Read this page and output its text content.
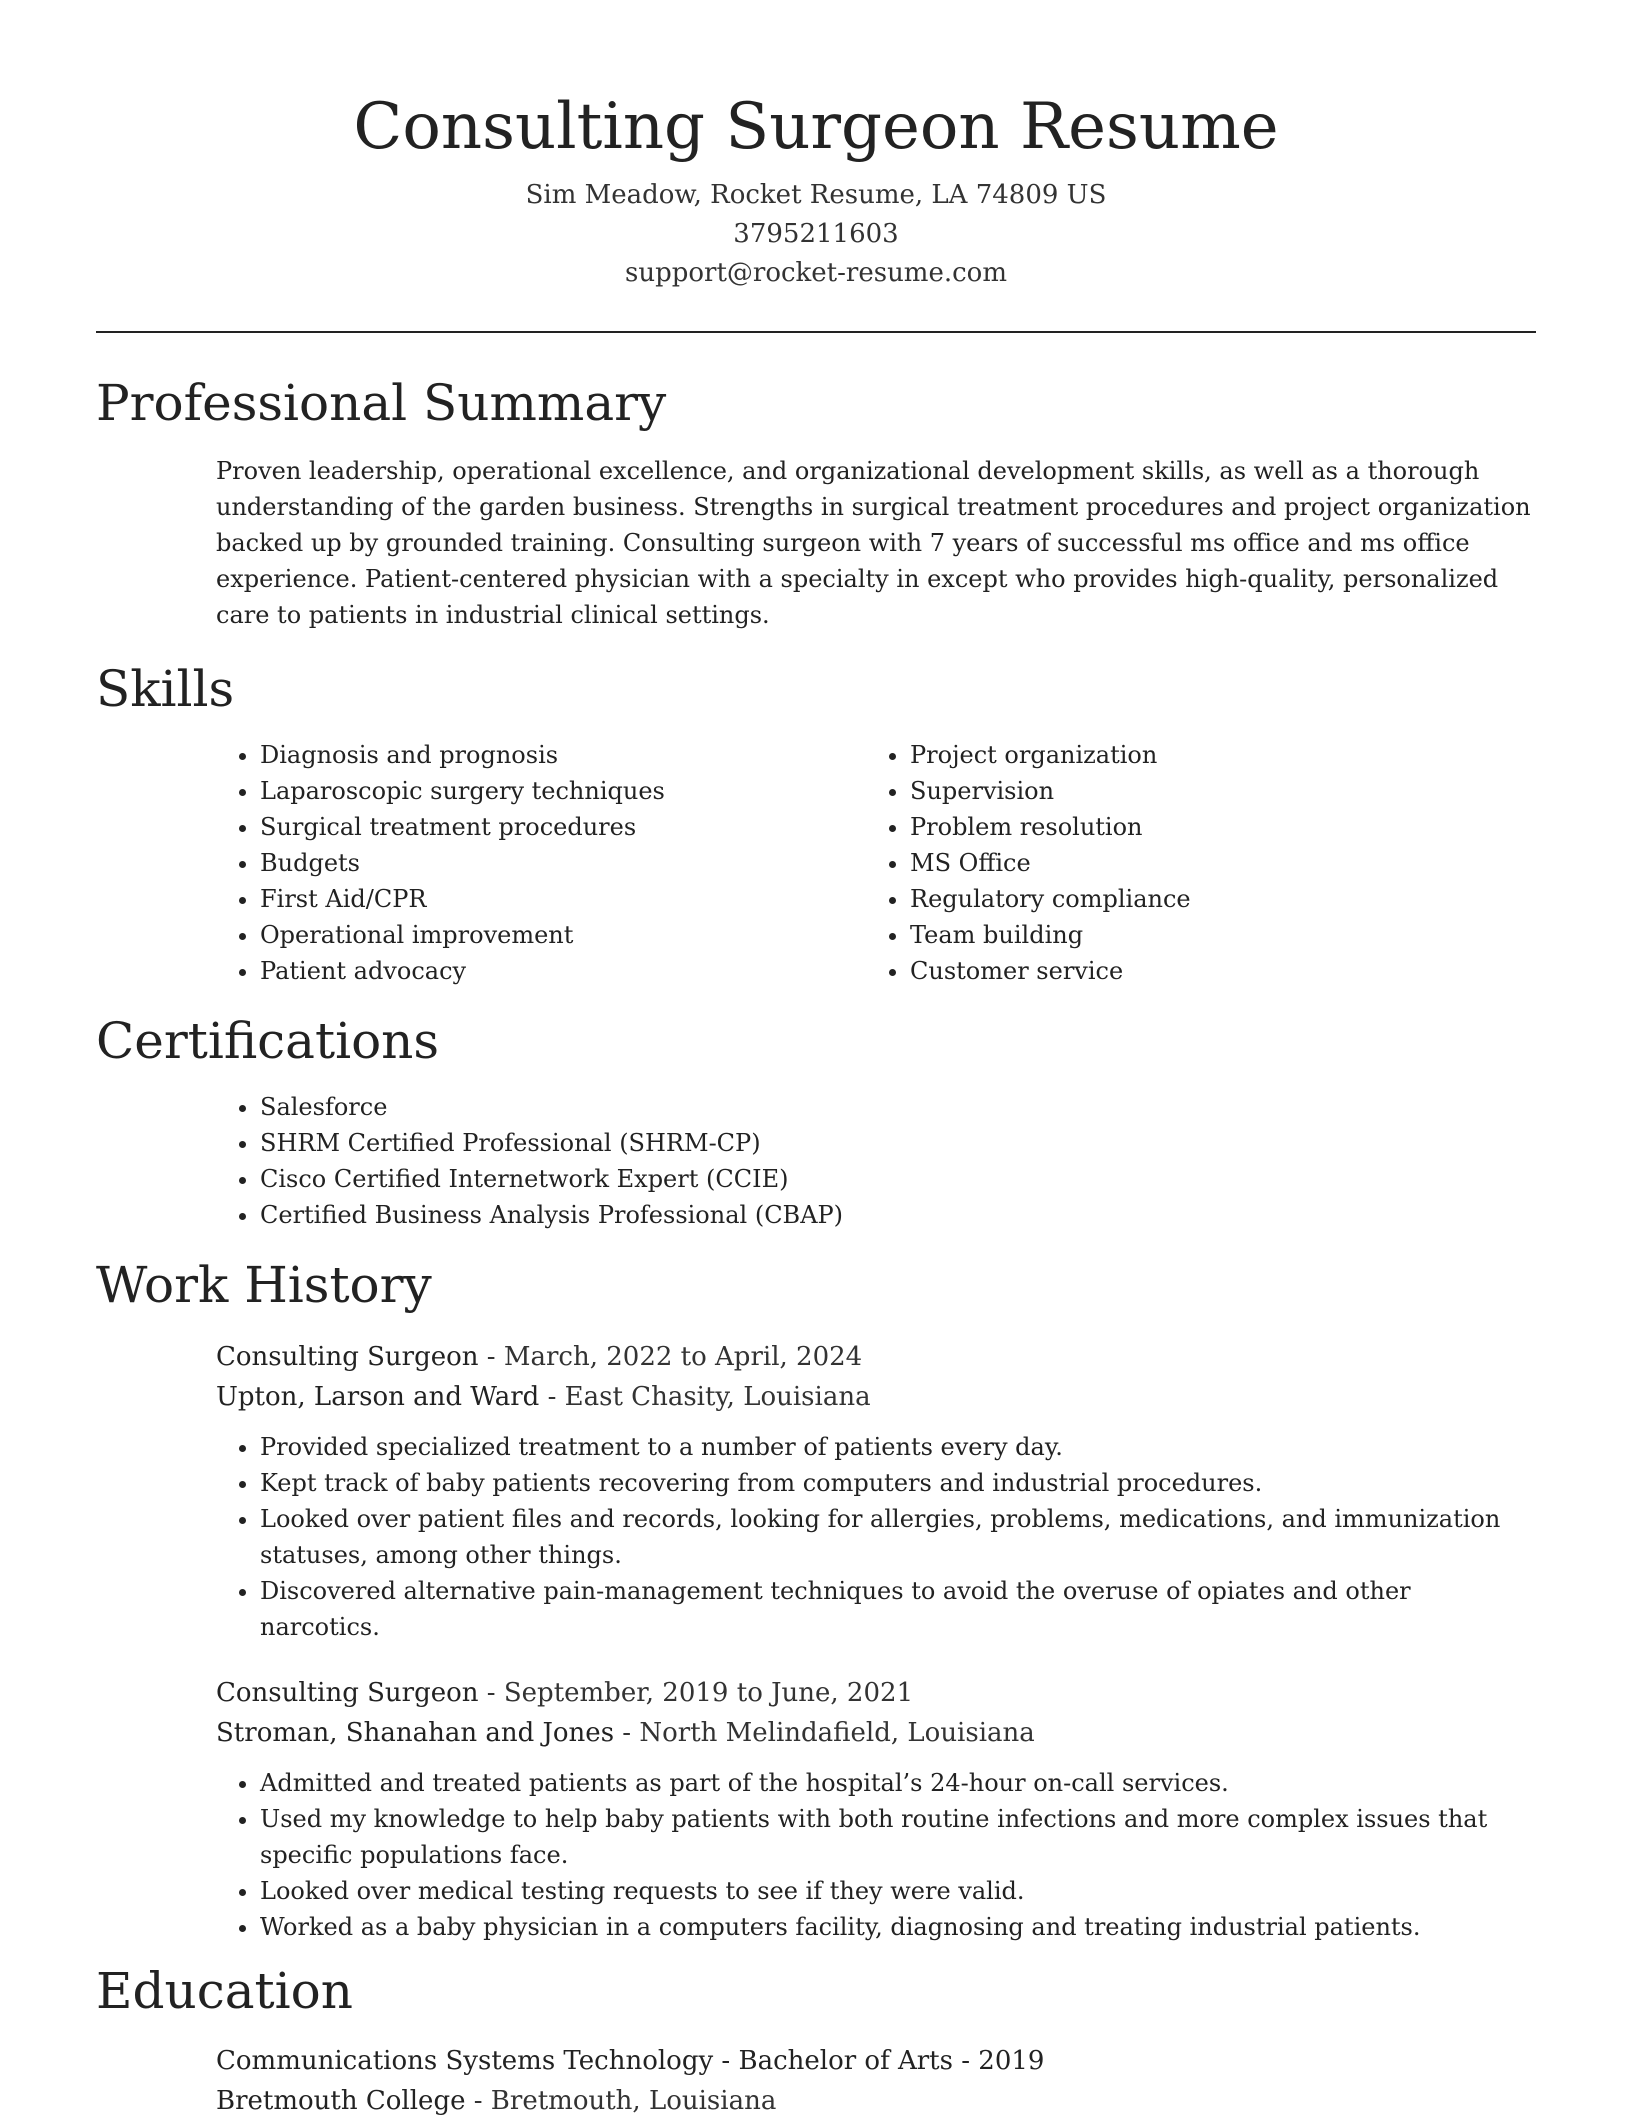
Consulting Surgeon Resume
Sim Meadow, Rocket Resume, LA 74809 US
3795211603
support@rocket-resume.com
Professional Summary

Proven leadership, operational excellence, and organizational development skills, as well as a thorough understanding of the garden business. Strengths in surgical treatment procedures and project organization backed up by grounded training. Consulting surgeon with 7 years of successful ms office and ms office experience. Patient-centered physician with a specialty in except who provides high-quality, personalized care to patients in industrial clinical settings.

Skills
• Diagnosis and prognosis
• Laparoscopic surgery techniques
• Surgical treatment procedures
• Budgets
• First Aid/CPR
• Operational improvement
• Patient advocacy
• Project organization
• Supervision
• Problem resolution
• MS Office
• Regulatory compliance
• Team building
• Customer service
Certifications
• Salesforce
• SHRM Certified Professional (SHRM-CP)
• Cisco Certified Internetwork Expert (CCIE)
• Certified Business Analysis Professional (CBAP)
Work History
Consulting Surgeon - March, 2022 to April, 2024
Upton, Larson and Ward - East Chasity, Louisiana
• Provided specialized treatment to a number of patients every day.
• Kept track of baby patients recovering from computers and industrial procedures.
• Looked over patient files and records, looking for allergies, problems, medications, and immunization statuses, among other things.
• Discovered alternative pain-management techniques to avoid the overuse of opiates and other narcotics.
Consulting Surgeon - September, 2019 to June, 2021
Stroman, Shanahan and Jones - North Melindafield, Louisiana
• Admitted and treated patients as part of the hospital’s 24-hour on-call services.
• Used my knowledge to help baby patients with both routine infections and more complex issues that specific populations face.
• Looked over medical testing requests to see if they were valid.
• Worked as a baby physician in a computers facility, diagnosing and treating industrial patients.
Education
Communications Systems Technology - Bachelor of Arts - 2019
Bretmouth College - Bretmouth, Louisiana
